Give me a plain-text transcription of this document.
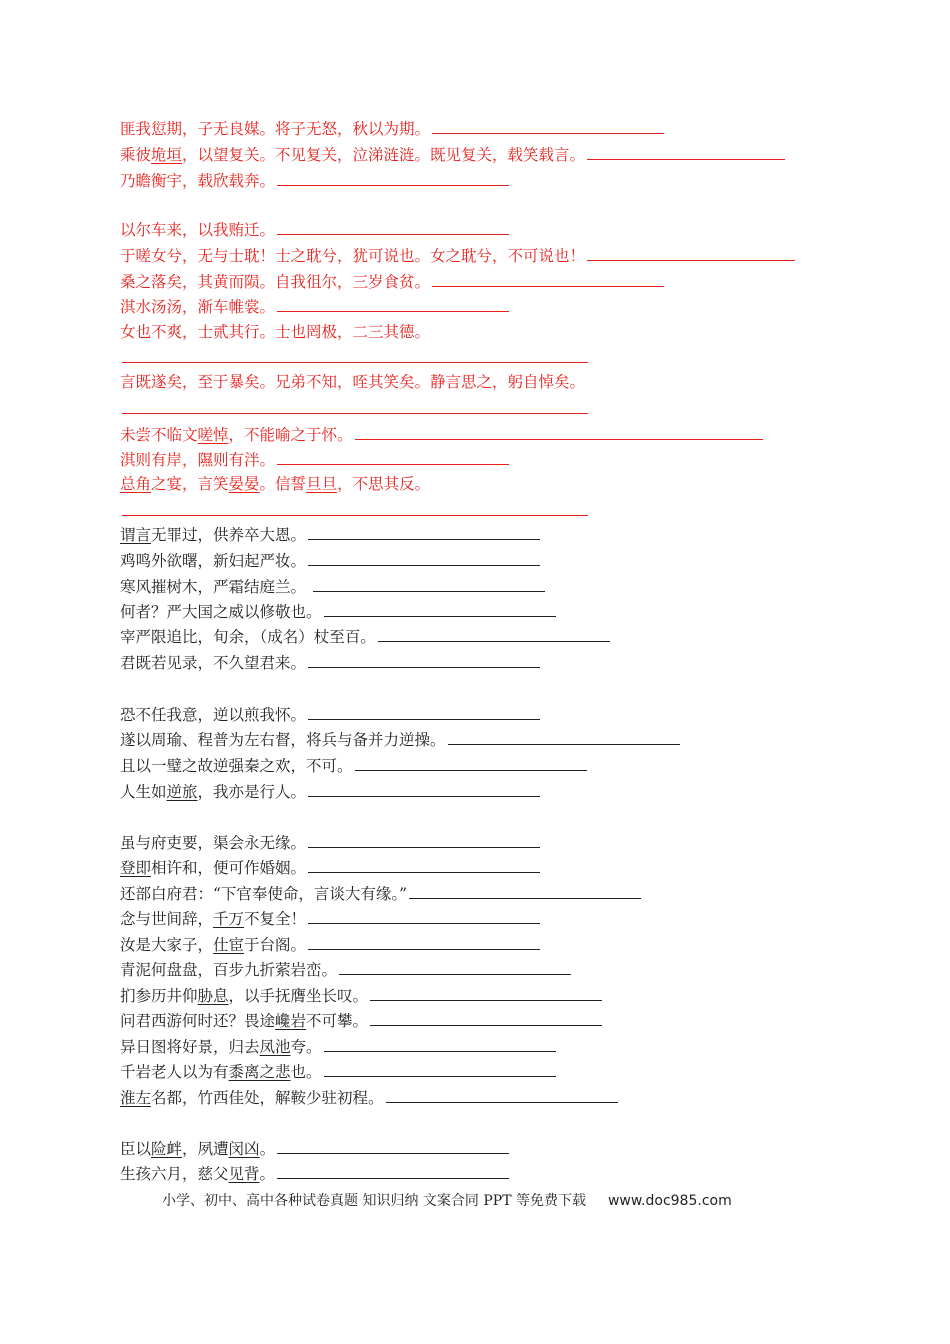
匪我愆期，子无良媒。将子无怒，秋以为期。
乘彼垝垣，以望复关。不见复关，泣涕涟涟。既见复关，载笑载言。
乃瞻衡宇，载欣载奔。
以尔车来，以我贿迁。
于嗟女兮，无与士耽！士之耽兮，犹可说也。女之耽兮，不可说也！
桑之落矣，其黄而陨。自我徂尔，三岁食贫。
淇水汤汤，渐车帷裳。
女也不爽，士贰其行。士也罔极，二三其德。
言既遂矣，至于暴矣。兄弟不知，咥其笑矣。静言思之，躬自悼矣。
未尝不临文嗟悼，不能喻之于怀。
淇则有岸，隰则有泮。
总角之宴，言笑晏晏。信誓旦旦，不思其反。
谓言无罪过，供养卒大恩。
鸡鸣外欲曙，新妇起严妆。
寒风摧树木，严霜结庭兰。
何者？严大国之威以修敬也。
宰严限追比，旬余，（成名）杖至百。
君既若见录，不久望君来。
恐不任我意，逆以煎我怀。
遂以周瑜、程普为左右督，将兵与备并力逆操。
且以一璧之故逆强秦之欢，不可。
人生如逆旅，我亦是行人。
虽与府吏要，渠会永无缘。
登即相许和，便可作婚姻。
还部白府君：“下官奉使命，言谈大有缘。”
念与世间辞，千万不复全！
汝是大家子，仕宦于台阁。
青泥何盘盘，百步九折萦岩峦。
扪参历井仰胁息，以手抚膺坐长叹。
问君西游何时还？畏途巉岩不可攀。
异日图将好景，归去凤池夸。
千岩老人以为有黍离之悲也。
淮左名都，竹西佳处，解鞍少驻初程。
臣以险衅，夙遭闵凶。
生孩六月，慈父见背。
小学、初中、高中各种试卷真题 知识归纳 文案合同 PPT 等免费下载 www.doc985.com
